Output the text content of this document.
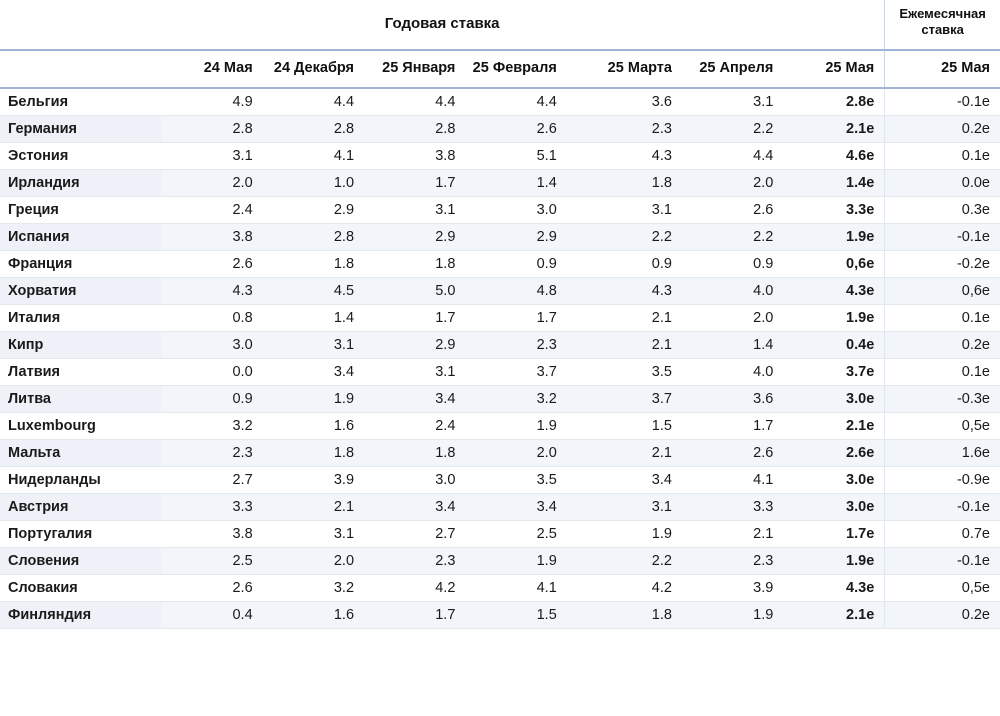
Годовая ставка								Ежемесячная ставка
	24 Мая	24 Декабря	25 Января	25 Февраля	25 Марта	25 Апреля	25 Мая	25 Мая
Бельгия	4.9	4.4	4.4	4.4	3.6	3.1	2.8e	-0.1e
Германия	2.8	2.8	2.8	2.6	2.3	2.2	2.1e	0.2e
Эстония	3.1	4.1	3.8	5.1	4.3	4.4	4.6e	0.1e
Ирландия	2.0	1.0	1.7	1.4	1.8	2.0	1.4e	0.0e
Греция	2.4	2.9	3.1	3.0	3.1	2.6	3.3e	0.3e
Испания	3.8	2.8	2.9	2.9	2.2	2.2	1.9e	-0.1e
Франция	2.6	1.8	1.8	0.9	0.9	0.9	0,6e	-0.2e
Хорватия	4.3	4.5	5.0	4.8	4.3	4.0	4.3e	0,6e
Италия	0.8	1.4	1.7	1.7	2.1	2.0	1.9e	0.1e
Кипр	3.0	3.1	2.9	2.3	2.1	1.4	0.4e	0.2e
Латвия	0.0	3.4	3.1	3.7	3.5	4.0	3.7e	0.1e
Литва	0.9	1.9	3.4	3.2	3.7	3.6	3.0e	-0.3e
Luxembourg	3.2	1.6	2.4	1.9	1.5	1.7	2.1e	0,5e
Мальта	2.3	1.8	1.8	2.0	2.1	2.6	2.6e	1.6e
Нидерланды	2.7	3.9	3.0	3.5	3.4	4.1	3.0e	-0.9e
Австрия	3.3	2.1	3.4	3.4	3.1	3.3	3.0e	-0.1e
Португалия	3.8	3.1	2.7	2.5	1.9	2.1	1.7e	0.7e
Словения	2.5	2.0	2.3	1.9	2.2	2.3	1.9e	-0.1e
Словакия	2.6	3.2	4.2	4.1	4.2	3.9	4.3e	0,5e
Финляндия	0.4	1.6	1.7	1.5	1.8	1.9	2.1e	0.2e
